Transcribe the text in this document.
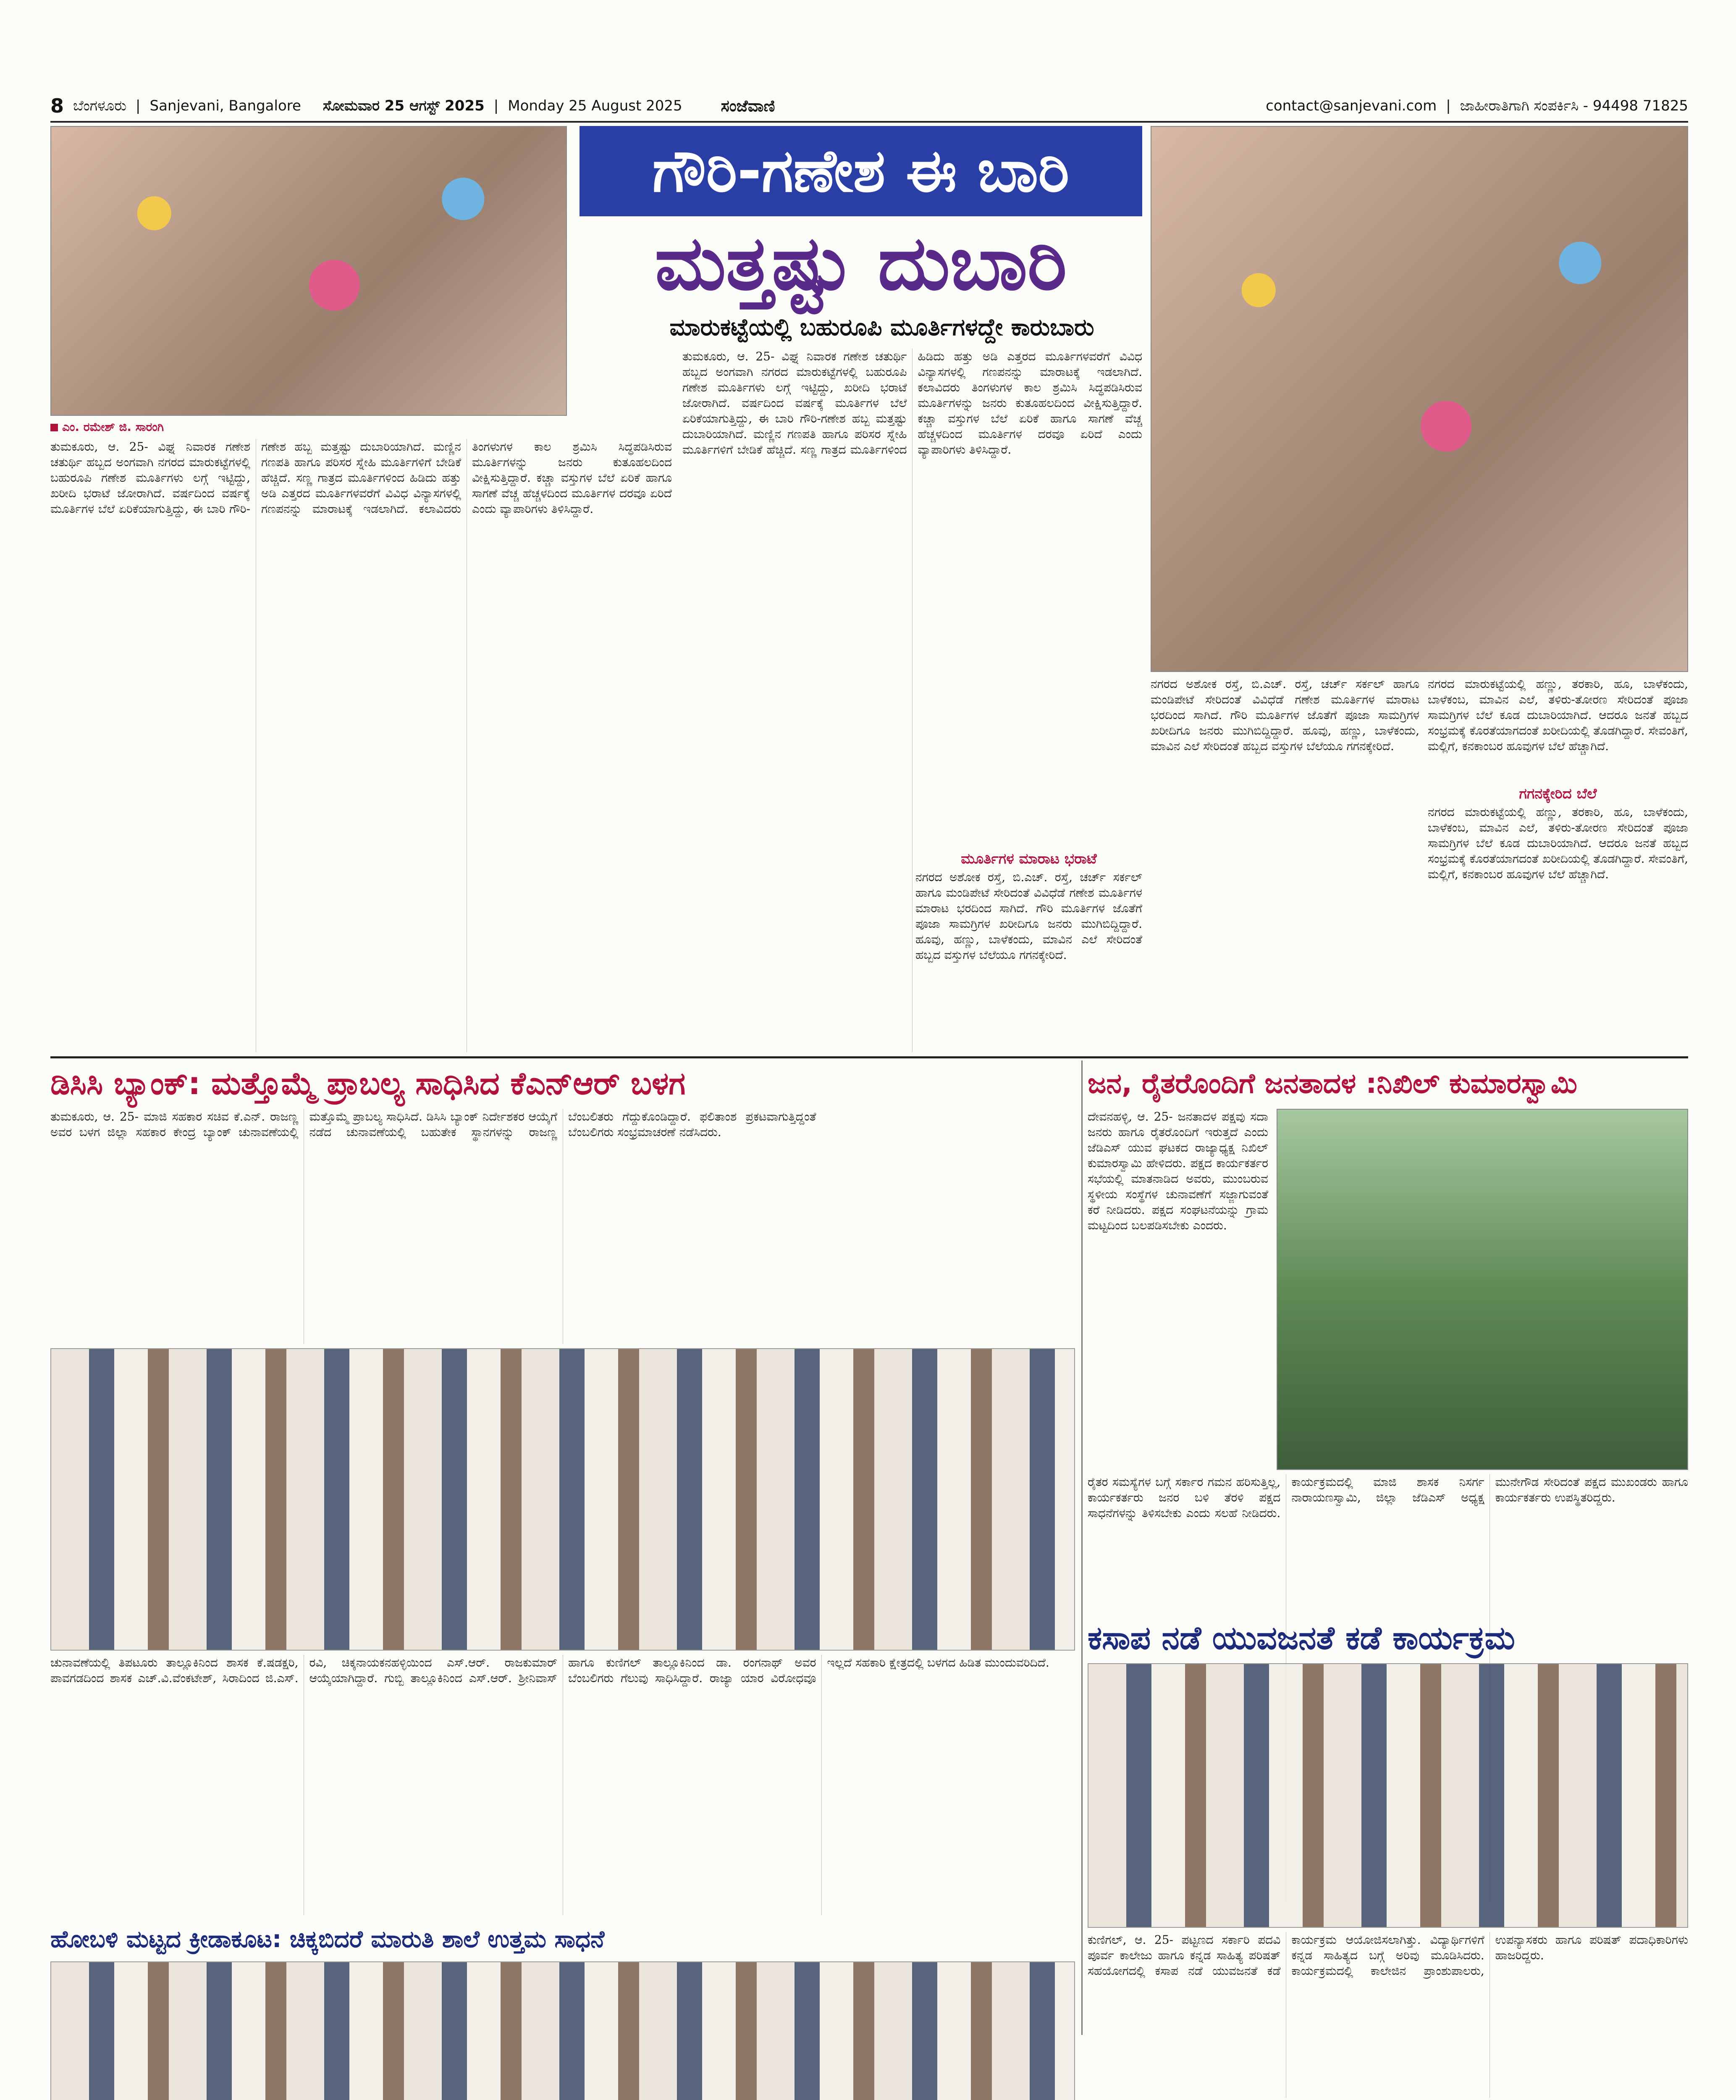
8 ಬೆಂಗಳೂರು | Sanjevani, Bangalore ಸೋಮವಾರ 25 ಆಗಸ್ಟ್ 2025 | Monday 25 August 2025 ಸಂಜೆವಾಣಿ	contact@sanjevani.com | ಜಾಹೀರಾತಿಗಾಗಿ ಸಂಪರ್ಕಿಸಿ - 94498 71825
ಗೌರಿ-ಗಣೇಶ ಈ ಬಾರಿ
ಮತ್ತಷ್ಟು ದುಬಾರಿ
ಮಾರುಕಟ್ಟೆಯಲ್ಲಿ ಬಹುರೂಪಿ ಮೂರ್ತಿಗಳದ್ದೇ ಕಾರುಬಾರು
ಎಂ. ರಮೇಶ್ ಜಿ. ಸಾರಂಗಿ
ತುಮಕೂರು, ಆ. 25- ವಿಘ್ನ ನಿವಾರಕ ಗಣೇಶ ಚತುರ್ಥಿ ಹಬ್ಬದ ಅಂಗವಾಗಿ ನಗರದ ಮಾರುಕಟ್ಟೆಗಳಲ್ಲಿ ಬಹುರೂಪಿ ಗಣೇಶ ಮೂರ್ತಿಗಳು ಲಗ್ಗೆ ಇಟ್ಟಿದ್ದು, ಖರೀದಿ ಭರಾಟೆ ಜೋರಾಗಿದೆ. ವರ್ಷದಿಂದ ವರ್ಷಕ್ಕೆ ಮೂರ್ತಿಗಳ ಬೆಲೆ ಏರಿಕೆಯಾಗುತ್ತಿದ್ದು, ಈ ಬಾರಿ ಗೌರಿ-ಗಣೇಶ ಹಬ್ಬ ಮತ್ತಷ್ಟು ದುಬಾರಿಯಾಗಿದೆ. ಮಣ್ಣಿನ ಗಣಪತಿ ಹಾಗೂ ಪರಿಸರ ಸ್ನೇಹಿ ಮೂರ್ತಿಗಳಿಗೆ ಬೇಡಿಕೆ ಹೆಚ್ಚಿದೆ. ಸಣ್ಣ ಗಾತ್ರದ ಮೂರ್ತಿಗಳಿಂದ ಹಿಡಿದು ಹತ್ತು ಅಡಿ ಎತ್ತರದ ಮೂರ್ತಿಗಳವರೆಗೆ ವಿವಿಧ ವಿನ್ಯಾಸಗಳಲ್ಲಿ ಗಣಪನನ್ನು ಮಾರಾಟಕ್ಕೆ ಇಡಲಾಗಿದೆ. ಕಲಾವಿದರು ತಿಂಗಳುಗಳ ಕಾಲ ಶ್ರಮಿಸಿ ಸಿದ್ಧಪಡಿಸಿರುವ ಮೂರ್ತಿಗಳನ್ನು ಜನರು ಕುತೂಹಲದಿಂದ ವೀಕ್ಷಿಸುತ್ತಿದ್ದಾರೆ. ಕಚ್ಚಾ ವಸ್ತುಗಳ ಬೆಲೆ ಏರಿಕೆ ಹಾಗೂ ಸಾಗಣೆ ವೆಚ್ಚ ಹೆಚ್ಚಳದಿಂದ ಮೂರ್ತಿಗಳ ದರವೂ ಏರಿದೆ ಎಂದು ವ್ಯಾಪಾರಿಗಳು ತಿಳಿಸಿದ್ದಾರೆ.
ತುಮಕೂರು, ಆ. 25- ವಿಘ್ನ ನಿವಾರಕ ಗಣೇಶ ಚತುರ್ಥಿ ಹಬ್ಬದ ಅಂಗವಾಗಿ ನಗರದ ಮಾರುಕಟ್ಟೆಗಳಲ್ಲಿ ಬಹುರೂಪಿ ಗಣೇಶ ಮೂರ್ತಿಗಳು ಲಗ್ಗೆ ಇಟ್ಟಿದ್ದು, ಖರೀದಿ ಭರಾಟೆ ಜೋರಾಗಿದೆ. ವರ್ಷದಿಂದ ವರ್ಷಕ್ಕೆ ಮೂರ್ತಿಗಳ ಬೆಲೆ ಏರಿಕೆಯಾಗುತ್ತಿದ್ದು, ಈ ಬಾರಿ ಗೌರಿ-ಗಣೇಶ ಹಬ್ಬ ಮತ್ತಷ್ಟು ದುಬಾರಿಯಾಗಿದೆ. ಮಣ್ಣಿನ ಗಣಪತಿ ಹಾಗೂ ಪರಿಸರ ಸ್ನೇಹಿ ಮೂರ್ತಿಗಳಿಗೆ ಬೇಡಿಕೆ ಹೆಚ್ಚಿದೆ. ಸಣ್ಣ ಗಾತ್ರದ ಮೂರ್ತಿಗಳಿಂದ ಹಿಡಿದು ಹತ್ತು ಅಡಿ ಎತ್ತರದ ಮೂರ್ತಿಗಳವರೆಗೆ ವಿವಿಧ ವಿನ್ಯಾಸಗಳಲ್ಲಿ ಗಣಪನನ್ನು ಮಾರಾಟಕ್ಕೆ ಇಡಲಾಗಿದೆ. ಕಲಾವಿದರು ತಿಂಗಳುಗಳ ಕಾಲ ಶ್ರಮಿಸಿ ಸಿದ್ಧಪಡಿಸಿರುವ ಮೂರ್ತಿಗಳನ್ನು ಜನರು ಕುತೂಹಲದಿಂದ ವೀಕ್ಷಿಸುತ್ತಿದ್ದಾರೆ. ಕಚ್ಚಾ ವಸ್ತುಗಳ ಬೆಲೆ ಏರಿಕೆ ಹಾಗೂ ಸಾಗಣೆ ವೆಚ್ಚ ಹೆಚ್ಚಳದಿಂದ ಮೂರ್ತಿಗಳ ದರವೂ ಏರಿದೆ ಎಂದು ವ್ಯಾಪಾರಿಗಳು ತಿಳಿಸಿದ್ದಾರೆ.
ಮೂರ್ತಿಗಳ ಮಾರಾಟ ಭರಾಟೆ
ನಗರದ ಅಶೋಕ ರಸ್ತೆ, ಬಿ.ಎಚ್. ರಸ್ತೆ, ಚರ್ಚ್ ಸರ್ಕಲ್ ಹಾಗೂ ಮಂಡಿಪೇಟೆ ಸೇರಿದಂತೆ ವಿವಿಧೆಡೆ ಗಣೇಶ ಮೂರ್ತಿಗಳ ಮಾರಾಟ ಭರದಿಂದ ಸಾಗಿದೆ. ಗೌರಿ ಮೂರ್ತಿಗಳ ಜೊತೆಗೆ ಪೂಜಾ ಸಾಮಗ್ರಿಗಳ ಖರೀದಿಗೂ ಜನರು ಮುಗಿಬಿದ್ದಿದ್ದಾರೆ. ಹೂವು, ಹಣ್ಣು, ಬಾಳೆಕಂದು, ಮಾವಿನ ಎಲೆ ಸೇರಿದಂತೆ ಹಬ್ಬದ ವಸ್ತುಗಳ ಬೆಲೆಯೂ ಗಗನಕ್ಕೇರಿದೆ.
ನಗರದ ಅಶೋಕ ರಸ್ತೆ, ಬಿ.ಎಚ್. ರಸ್ತೆ, ಚರ್ಚ್ ಸರ್ಕಲ್ ಹಾಗೂ ಮಂಡಿಪೇಟೆ ಸೇರಿದಂತೆ ವಿವಿಧೆಡೆ ಗಣೇಶ ಮೂರ್ತಿಗಳ ಮಾರಾಟ ಭರದಿಂದ ಸಾಗಿದೆ. ಗೌರಿ ಮೂರ್ತಿಗಳ ಜೊತೆಗೆ ಪೂಜಾ ಸಾಮಗ್ರಿಗಳ ಖರೀದಿಗೂ ಜನರು ಮುಗಿಬಿದ್ದಿದ್ದಾರೆ. ಹೂವು, ಹಣ್ಣು, ಬಾಳೆಕಂದು, ಮಾವಿನ ಎಲೆ ಸೇರಿದಂತೆ ಹಬ್ಬದ ವಸ್ತುಗಳ ಬೆಲೆಯೂ ಗಗನಕ್ಕೇರಿದೆ.
ಗಗನಕ್ಕೇರಿದ ಬೆಲೆ
ನಗರದ ಮಾರುಕಟ್ಟೆಯಲ್ಲಿ ಹಣ್ಣು, ತರಕಾರಿ, ಹೂ, ಬಾಳೆಕಂದು, ಬಾಳೆಕಂಬ, ಮಾವಿನ ಎಲೆ, ತಳಿರು-ತೋರಣ ಸೇರಿದಂತೆ ಪೂಜಾ ಸಾಮಗ್ರಿಗಳ ಬೆಲೆ ಕೂಡ ದುಬಾರಿಯಾಗಿದೆ. ಆದರೂ ಜನತೆ ಹಬ್ಬದ ಸಂಭ್ರಮಕ್ಕೆ ಕೊರತೆಯಾಗದಂತೆ ಖರೀದಿಯಲ್ಲಿ ತೊಡಗಿದ್ದಾರೆ. ಸೇವಂತಿಗೆ, ಮಲ್ಲಿಗೆ, ಕನಕಾಂಬರ ಹೂವುಗಳ ಬೆಲೆ ಹೆಚ್ಚಾಗಿದೆ.
ನಗರದ ಮಾರುಕಟ್ಟೆಯಲ್ಲಿ ಹಣ್ಣು, ತರಕಾರಿ, ಹೂ, ಬಾಳೆಕಂದು, ಬಾಳೆಕಂಬ, ಮಾವಿನ ಎಲೆ, ತಳಿರು-ತೋರಣ ಸೇರಿದಂತೆ ಪೂಜಾ ಸಾಮಗ್ರಿಗಳ ಬೆಲೆ ಕೂಡ ದುಬಾರಿಯಾಗಿದೆ. ಆದರೂ ಜನತೆ ಹಬ್ಬದ ಸಂಭ್ರಮಕ್ಕೆ ಕೊರತೆಯಾಗದಂತೆ ಖರೀದಿಯಲ್ಲಿ ತೊಡಗಿದ್ದಾರೆ. ಸೇವಂತಿಗೆ, ಮಲ್ಲಿಗೆ, ಕನಕಾಂಬರ ಹೂವುಗಳ ಬೆಲೆ ಹೆಚ್ಚಾಗಿದೆ.
ಡಿಸಿಸಿ ಬ್ಯಾಂಕ್: ಮತ್ತೊಮ್ಮೆ ಪ್ರಾಬಲ್ಯ ಸಾಧಿಸಿದ ಕೆಎನ್‌ಆರ್ ಬಳಗ
ತುಮಕೂರು, ಆ. 25- ಮಾಜಿ ಸಹಕಾರ ಸಚಿವ ಕೆ.ಎನ್. ರಾಜಣ್ಣ ಅವರ ಬಳಗ ಜಿಲ್ಲಾ ಸಹಕಾರ ಕೇಂದ್ರ ಬ್ಯಾಂಕ್ ಚುನಾವಣೆಯಲ್ಲಿ ಮತ್ತೊಮ್ಮೆ ಪ್ರಾಬಲ್ಯ ಸಾಧಿಸಿದೆ. ಡಿಸಿಸಿ ಬ್ಯಾಂಕ್ ನಿರ್ದೇಶಕರ ಆಯ್ಕೆಗೆ ನಡೆದ ಚುನಾವಣೆಯಲ್ಲಿ ಬಹುತೇಕ ಸ್ಥಾನಗಳನ್ನು ರಾಜಣ್ಣ ಬೆಂಬಲಿತರು ಗೆದ್ದುಕೊಂಡಿದ್ದಾರೆ. ಫಲಿತಾಂಶ ಪ್ರಕಟವಾಗುತ್ತಿದ್ದಂತೆ ಬೆಂಬಲಿಗರು ಸಂಭ್ರಮಾಚರಣೆ ನಡೆಸಿದರು.
ಚುನಾವಣೆಯಲ್ಲಿ ತಿಪಟೂರು ತಾಲ್ಲೂಕಿನಿಂದ ಶಾಸಕ ಕೆ.ಷಡಕ್ಷರಿ, ಪಾವಗಡದಿಂದ ಶಾಸಕ ಎಚ್.ವಿ.ವೆಂಕಟೇಶ್, ಸಿರಾದಿಂದ ಜಿ.ಎಸ್. ರವಿ, ಚಿಕ್ಕನಾಯಕನಹಳ್ಳಿಯಿಂದ ಎಸ್.ಆರ್. ರಾಜಕುಮಾರ್ ಆಯ್ಕೆಯಾಗಿದ್ದಾರೆ. ಗುಬ್ಬಿ ತಾಲ್ಲೂಕಿನಿಂದ ಎಸ್.ಆರ್. ಶ್ರೀನಿವಾಸ್ ಹಾಗೂ ಕುಣಿಗಲ್ ತಾಲ್ಲೂಕಿನಿಂದ ಡಾ. ರಂಗನಾಥ್ ಅವರ ಬೆಂಬಲಿಗರು ಗೆಲುವು ಸಾಧಿಸಿದ್ದಾರೆ. ರಾಜ್ಯಾ ಯಾರ ವಿರೋಧವೂ ಇಲ್ಲದೆ ಸಹಕಾರಿ ಕ್ಷೇತ್ರದಲ್ಲಿ ಬಳಗದ ಹಿಡಿತ ಮುಂದುವರಿದಿದೆ.
ಜನ, ರೈತರೊಂದಿಗೆ ಜನತಾದಳ :ನಿಖಿಲ್ ಕುಮಾರಸ್ವಾಮಿ
ದೇವನಹಳ್ಳಿ, ಆ. 25- ಜನತಾದಳ ಪಕ್ಷವು ಸದಾ ಜನರು ಹಾಗೂ ರೈತರೊಂದಿಗೆ ಇರುತ್ತದೆ ಎಂದು ಜೆಡಿಎಸ್ ಯುವ ಘಟಕದ ರಾಜ್ಯಾಧ್ಯಕ್ಷ ನಿಖಿಲ್ ಕುಮಾರಸ್ವಾಮಿ ಹೇಳಿದರು. ಪಕ್ಷದ ಕಾರ್ಯಕರ್ತರ ಸಭೆಯಲ್ಲಿ ಮಾತನಾಡಿದ ಅವರು, ಮುಂಬರುವ ಸ್ಥಳೀಯ ಸಂಸ್ಥೆಗಳ ಚುನಾವಣೆಗೆ ಸಜ್ಜಾಗುವಂತೆ ಕರೆ ನೀಡಿದರು. ಪಕ್ಷದ ಸಂಘಟನೆಯನ್ನು ಗ್ರಾಮ ಮಟ್ಟದಿಂದ ಬಲಪಡಿಸಬೇಕು ಎಂದರು.
ರೈತರ ಸಮಸ್ಯೆಗಳ ಬಗ್ಗೆ ಸರ್ಕಾರ ಗಮನ ಹರಿಸುತ್ತಿಲ್ಲ, ಕಾರ್ಯಕರ್ತರು ಜನರ ಬಳಿ ತೆರಳಿ ಪಕ್ಷದ ಸಾಧನೆಗಳನ್ನು ತಿಳಿಸಬೇಕು ಎಂದು ಸಲಹೆ ನೀಡಿದರು. ಕಾರ್ಯಕ್ರಮದಲ್ಲಿ ಮಾಜಿ ಶಾಸಕ ನಿಸರ್ಗ ನಾರಾಯಣಸ್ವಾಮಿ, ಜಿಲ್ಲಾ ಜೆಡಿಎಸ್ ಅಧ್ಯಕ್ಷ ಮುನೇಗೌಡ ಸೇರಿದಂತೆ ಪಕ್ಷದ ಮುಖಂಡರು ಹಾಗೂ ಕಾರ್ಯಕರ್ತರು ಉಪಸ್ಥಿತರಿದ್ದರು.
ಕಸಾಪ ನಡೆ ಯುವಜನತೆ ಕಡೆ ಕಾರ್ಯಕ್ರಮ
ಕುಣಿಗಲ್, ಆ. 25- ಪಟ್ಟಣದ ಸರ್ಕಾರಿ ಪದವಿ ಪೂರ್ವ ಕಾಲೇಜು ಹಾಗೂ ಕನ್ನಡ ಸಾಹಿತ್ಯ ಪರಿಷತ್ ಸಹಯೋಗದಲ್ಲಿ ಕಸಾಪ ನಡೆ ಯುವಜನತೆ ಕಡೆ ಕಾರ್ಯಕ್ರಮ ಆಯೋಜಿಸಲಾಗಿತ್ತು. ವಿದ್ಯಾರ್ಥಿಗಳಿಗೆ ಕನ್ನಡ ಸಾಹಿತ್ಯದ ಬಗ್ಗೆ ಅರಿವು ಮೂಡಿಸಿದರು. ಕಾರ್ಯಕ್ರಮದಲ್ಲಿ ಕಾಲೇಜಿನ ಪ್ರಾಂಶುಪಾಲರು, ಉಪನ್ಯಾಸಕರು ಹಾಗೂ ಪರಿಷತ್ ಪದಾಧಿಕಾರಿಗಳು ಹಾಜರಿದ್ದರು.
ಹೋಬಳಿ ಮಟ್ಟದ ಕ್ರೀಡಾಕೂಟ: ಚಿಕ್ಕಬಿದರೆ ಮಾರುತಿ ಶಾಲೆ ಉತ್ತಮ ಸಾಧನೆ
